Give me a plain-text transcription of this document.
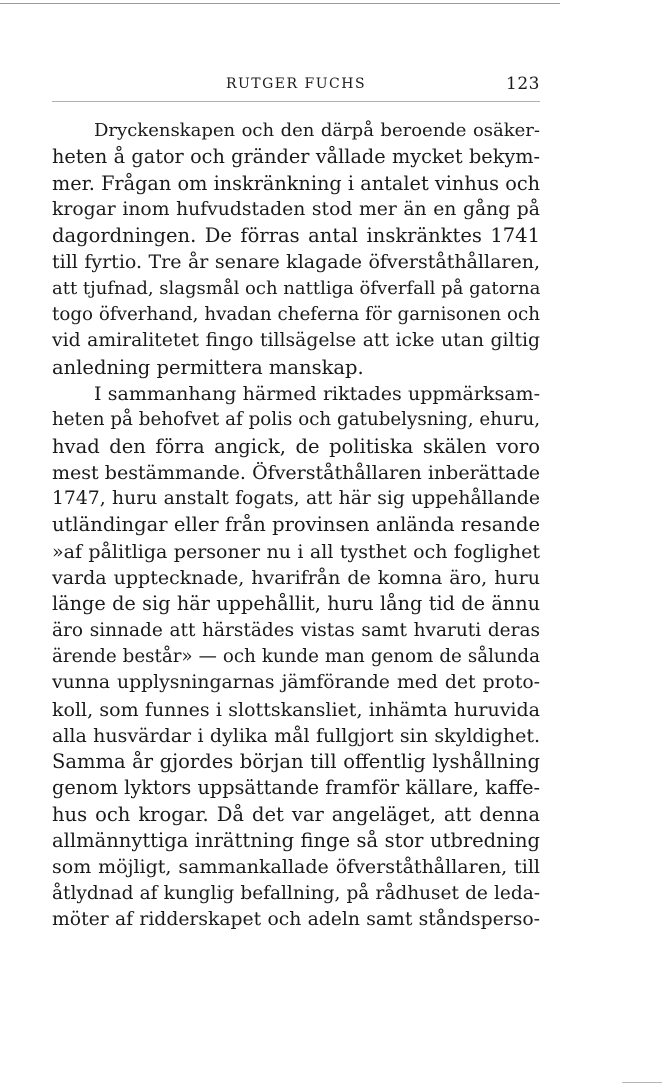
RUTGER FUCHS	123
Dryckenskapen och den därpå beroende osäker-
heten å gator och gränder vållade mycket bekym-
mer. Frågan om inskränkning i antalet vinhus och
krogar inom hufvudstaden stod mer än en gång på
dagordningen. De förras antal inskränktes 1741
till fyrtio. Tre år senare klagade öfverståthållaren,
att tjufnad, slagsmål och nattliga öfverfall på gatorna
togo öfverhand, hvadan cheferna för garnisonen och
vid amiralitetet fingo tillsägelse att icke utan giltig
anledning permittera manskap.
I sammanhang härmed riktades uppmärksam-
heten på behofvet af polis och gatubelysning, ehuru,
hvad den förra angick, de politiska skälen voro
mest bestämmande. Öfverståthållaren inberättade
1747, huru anstalt fogats, att här sig uppehållande
utländingar eller från provinsen anlända resande
»af pålitliga personer nu i all tysthet och foglighet
varda upptecknade, hvarifrån de komna äro, huru
länge de sig här uppehållit, huru lång tid de ännu
äro sinnade att härstädes vistas samt hvaruti deras
ärende består» — och kunde man genom de sålunda
vunna upplysningarnas jämförande med det proto-
koll, som funnes i slottskansliet, inhämta huruvida
alla husvärdar i dylika mål fullgjort sin skyldighet.
Samma år gjordes början till offentlig lyshållning
genom lyktors uppsättande framför källare, kaffe-
hus och krogar. Då det var angeläget, att denna
allmännyttiga inrättning finge så stor utbredning
som möjligt, sammankallade öfverståthållaren, till
åtlydnad af kunglig befallning, på rådhuset de leda-
möter af ridderskapet och adeln samt ståndsperso-
